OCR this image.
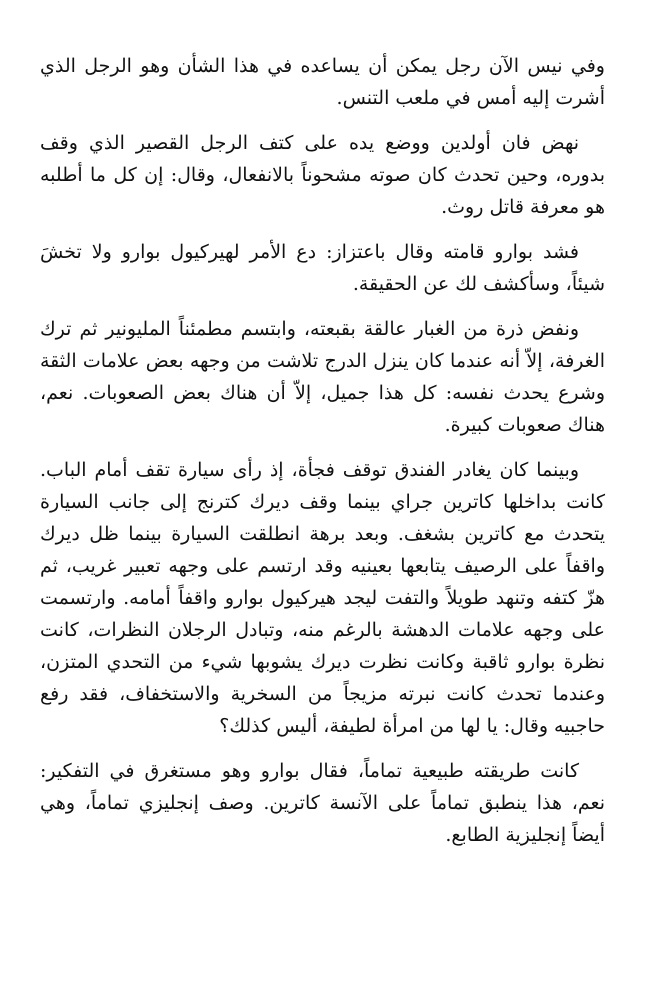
وفي نيس الآن رجل يمكن أن يساعده في هذا الشأن وهو الرجل الذي أشرت إليه أمس في ملعب التنس.

نهض فان أولدين ووضع يده على كتف الرجل القصير الذي وقف بدوره، وحين تحدث كان صوته مشحوناً بالانفعال، وقال: إن كل ما أطلبه هو معرفة قاتل روث.

فشد بوارو قامته وقال باعتزاز: دع الأمر لهيركيول بوارو ولا تخشَ شيئاً، وسأكشف لك عن الحقيقة.

ونفض ذرة من الغبار عالقة بقبعته، وابتسم مطمئناً المليونير ثم ترك الغرفة، إلاّ أنه عندما كان ينزل الدرج تلاشت من وجهه بعض علامات الثقة وشرع يحدث نفسه: كل هذا جميل، إلاّ أن هناك بعض الصعوبات. نعم، هناك صعوبات كبيرة.

وبينما كان يغادر الفندق توقف فجأة، إذ رأى سيارة تقف أمام الباب. كانت بداخلها كاترين جراي بينما وقف ديرك كترنج إلى جانب السيارة يتحدث مع كاترين بشغف. وبعد برهة انطلقت السيارة بينما ظل ديرك واقفاً على الرصيف يتابعها بعينيه وقد ارتسم على وجهه تعبير غريب، ثم هزّ كتفه وتنهد طويلاً والتفت ليجد هيركيول بوارو واقفاً أمامه. وارتسمت على وجهه علامات الدهشة بالرغم منه، وتبادل الرجلان النظرات، كانت نظرة بوارو ثاقبة وكانت نظرت ديرك يشوبها شيء من التحدي المتزن، وعندما تحدث كانت نبرته مزيجاً من السخرية والاستخفاف، فقد رفع حاجبيه وقال: يا لها من امرأة لطيفة، أليس كذلك؟

كانت طريقته طبيعية تماماً، فقال بوارو وهو مستغرق في التفكير: نعم، هذا ينطبق تماماً على الآنسة كاترين. وصف إنجليزي تماماً، وهي أيضاً إنجليزية الطابع.
